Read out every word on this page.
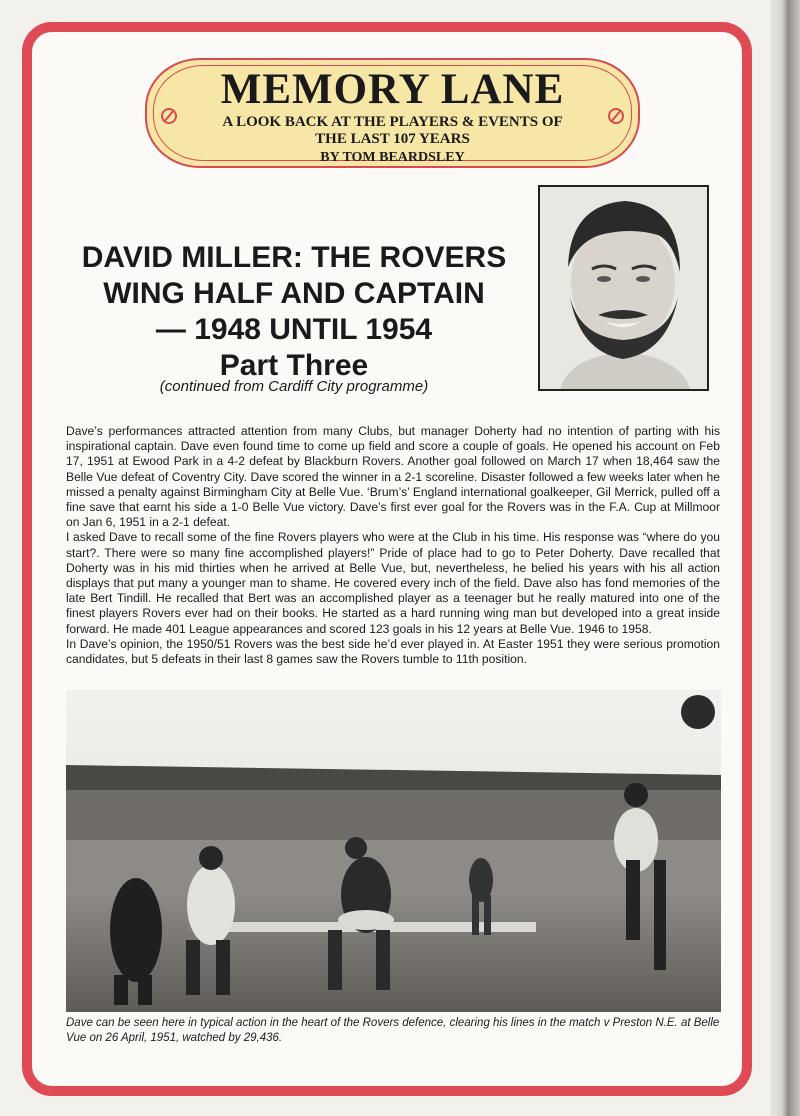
MEMORY LANE
A LOOK BACK AT THE PLAYERS & EVENTS OF THE LAST 107 YEARS
BY TOM BEARDSLEY
DAVID MILLER: THE ROVERS
WING HALF AND CAPTAIN
— 1948 UNTIL 1954
Part Three
(continued from Cardiff City programme)

Dave’s performances attracted attention from many Clubs, but manager Doherty had no intention of parting with his inspirational captain. Dave even found time to come up field and score a couple of goals. He opened his account on Feb 17, 1951 at Ewood Park in a 4-2 defeat by Blackburn Rovers. Another goal followed on March 17 when 18,464 saw the Belle Vue defeat of Coventry City. Dave scored the winner in a 2-1 scoreline. Disaster followed a few weeks later when he missed a penalty against Birmingham City at Belle Vue. ‘Brum’s’ England international goalkeeper, Gil Merrick, pulled off a fine save that earnt his side a 1-0 Belle Vue victory. Dave’s first ever goal for the Rovers was in the F.A. Cup at Millmoor on Jan 6, 1951 in a 2-1 defeat.

I asked Dave to recall some of the fine Rovers players who were at the Club in his time. His response was “where do you start?. There were so many fine accomplished players!” Pride of place had to go to Peter Doherty. Dave recalled that Doherty was in his mid thirties when he arrived at Belle Vue, but, nevertheless, he belied his years with his all action displays that put many a younger man to shame. He covered every inch of the field. Dave also has fond memories of the late Bert Tindill. He recalled that Bert was an accomplished player as a teenager but he really matured into one of the finest players Rovers ever had on their books. He started as a hard running wing man but developed into a great inside forward. He made 401 League appearances and scored 123 goals in his 12 years at Belle Vue. 1946 to 1958.

In Dave’s opinion, the 1950/51 Rovers was the best side he’d ever played in. At Easter 1951 they were serious promotion candidates, but 5 defeats in their last 8 games saw the Rovers tumble to 11th position.

Dave can be seen here in typical action in the heart of the Rovers defence, clearing his lines in the match v Preston N.E. at Belle Vue on 26 April, 1951, watched by 29,436.
